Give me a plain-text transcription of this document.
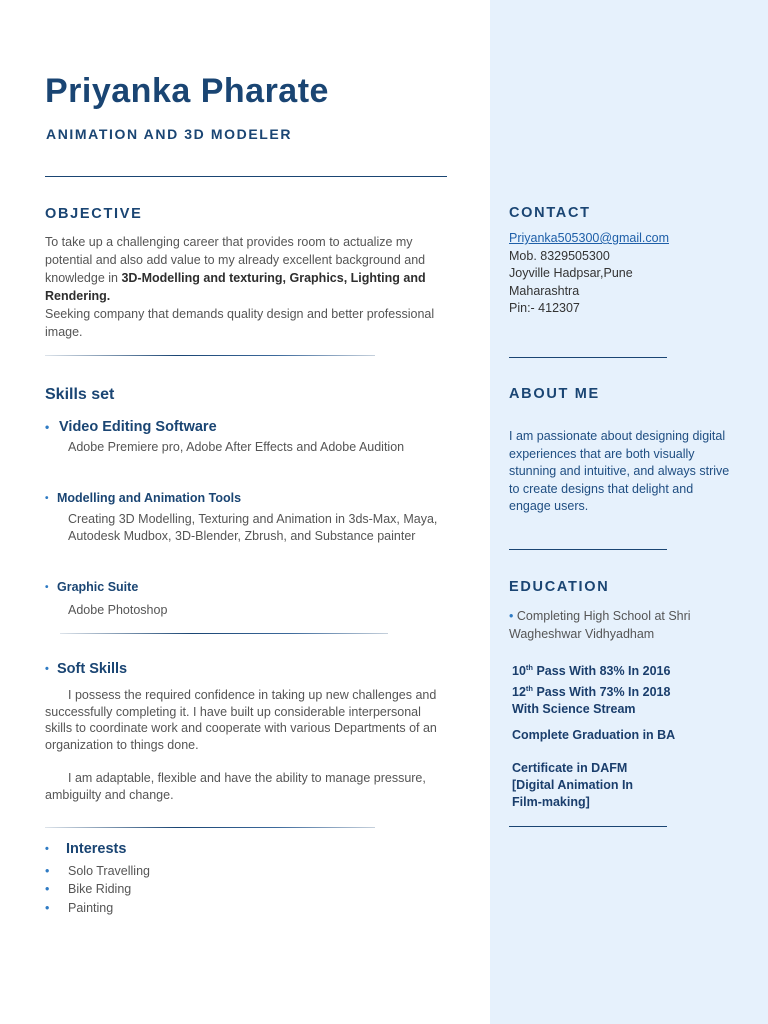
Priyanka Pharate
ANIMATION AND 3D MODELER
OBJECTIVE
To take up a challenging career that provides room to actualize my potential and also add value to my already excellent background and knowledge in 3D-Modelling and texturing, Graphics, Lighting and Rendering.
Seeking company that demands quality design and better professional image.
Skills set
• Video Editing Software
Adobe Premiere pro, Adobe After Effects and Adobe Audition
• Modelling and Animation Tools
Creating 3D Modelling, Texturing and Animation in 3ds-Max, Maya, Autodesk Mudbox, 3D-Blender, Zbrush, and Substance painter
• Graphic Suite
Adobe Photoshop
• Soft Skills
I possess the required confidence in taking up new challenges and successfully completing it. I have built up considerable interpersonal skills to coordinate work and cooperate with various Departments of an organization to things done.
I am adaptable, flexible and have the ability to manage pressure, ambiguilty and change.
•	Interests
• Solo Travelling
• Bike Riding
• Painting
CONTACT
Priyanka505300@gmail.com
Mob. 8329505300
Joyville Hadpsar,Pune
Maharashtra
Pin:- 412307
ABOUT ME
I am passionate about designing digital experiences that are both visually stunning and intuitive, and always strive to create designs that delight and engage users.
EDUCATION
• Completing High School at Shri Wagheshwar Vidhyadham
10th Pass With 83% In 2016
12th Pass With 73% In 2018
With Science Stream
Complete Graduation in BA
Certificate in DAFM
[Digital Animation In
Film-making]
